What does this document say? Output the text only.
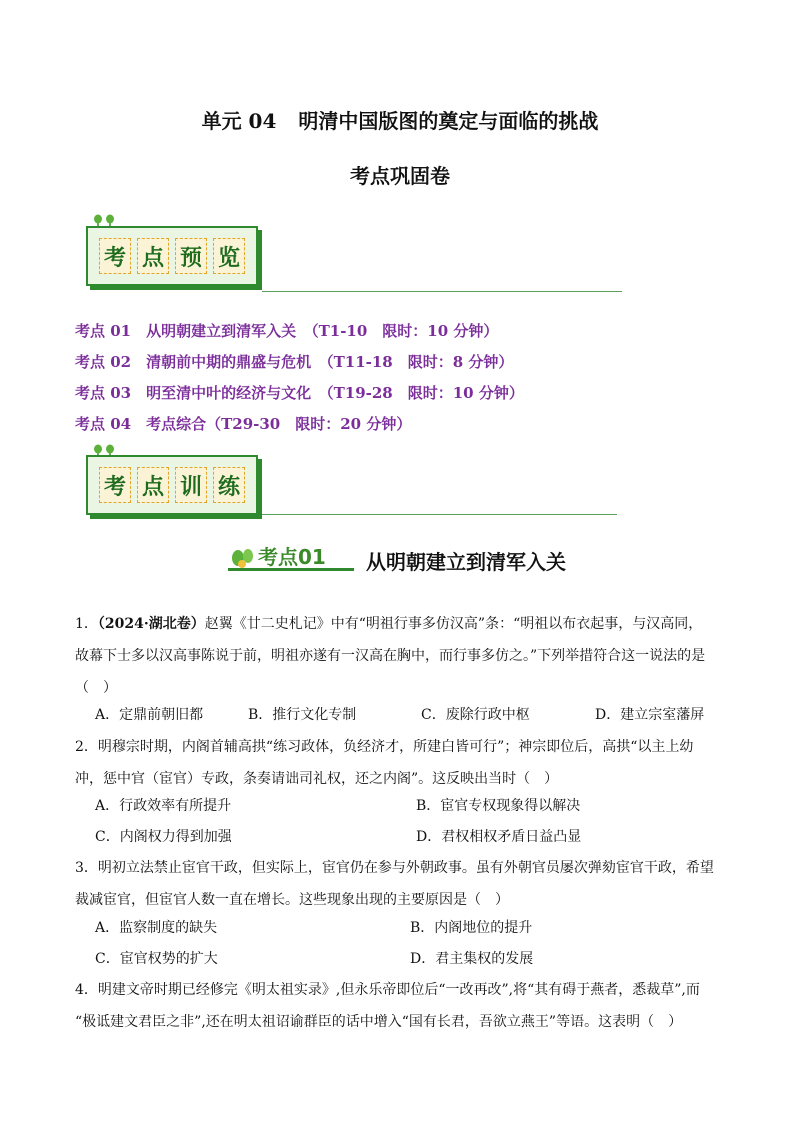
单元 04 明清中国版图的奠定与面临的挑战
考点巩固卷
考 点 预 览
考点 01　从明朝建立到清军入关　（T1-10　限时：10 分钟）
考点 02　清朝前中期的鼎盛与危机　（T11-18　限时：8 分钟）
考点 03　明至清中叶的经济与文化　（T19-28　限时：10 分钟）
考点 04　考点综合（T29-30　限时：20 分钟）
考 点 训 练
考点01 从明朝建立到清军入关
1．（2024·湖北卷）赵翼《廿二史札记》中有“明祖行事多仿汉高”条：“明祖以布衣起事，与汉高同，
故幕下士多以汉高事陈说于前，明祖亦遂有一汉高在胸中，而行事多仿之。”下列举措符合这一说法的是
（　）
A．定鼎前朝旧都	B．推行文化专制	C．废除行政中枢	D．建立宗室藩屏
2．明穆宗时期，内阁首辅高拱“练习政体，负经济才，所建白皆可行”；神宗即位后，高拱“以主上幼
冲，惩中官（宦官）专政，条奏请诎司礼权，还之内阁”。这反映出当时（　）
A．行政效率有所提升	B．宦官专权现象得以解决
C．内阁权力得到加强	D．君权相权矛盾日益凸显
3．明初立法禁止宦官干政，但实际上，宦官仍在参与外朝政事。虽有外朝官员屡次弹劾宦官干政，希望
裁减宦官，但宦官人数一直在增长。这些现象出现的主要原因是（　）
A．监察制度的缺失	B．内阁地位的提升
C．宦官权势的扩大	D．君主集权的发展
4．明建文帝时期已经修完《明太祖实录》,但永乐帝即位后“一改再改”,将“其有碍于燕者，悉裁草”,而
“极诋建文君臣之非”,还在明太祖诏谕群臣的话中增入“国有长君，吾欲立燕王”等语。这表明（　）
